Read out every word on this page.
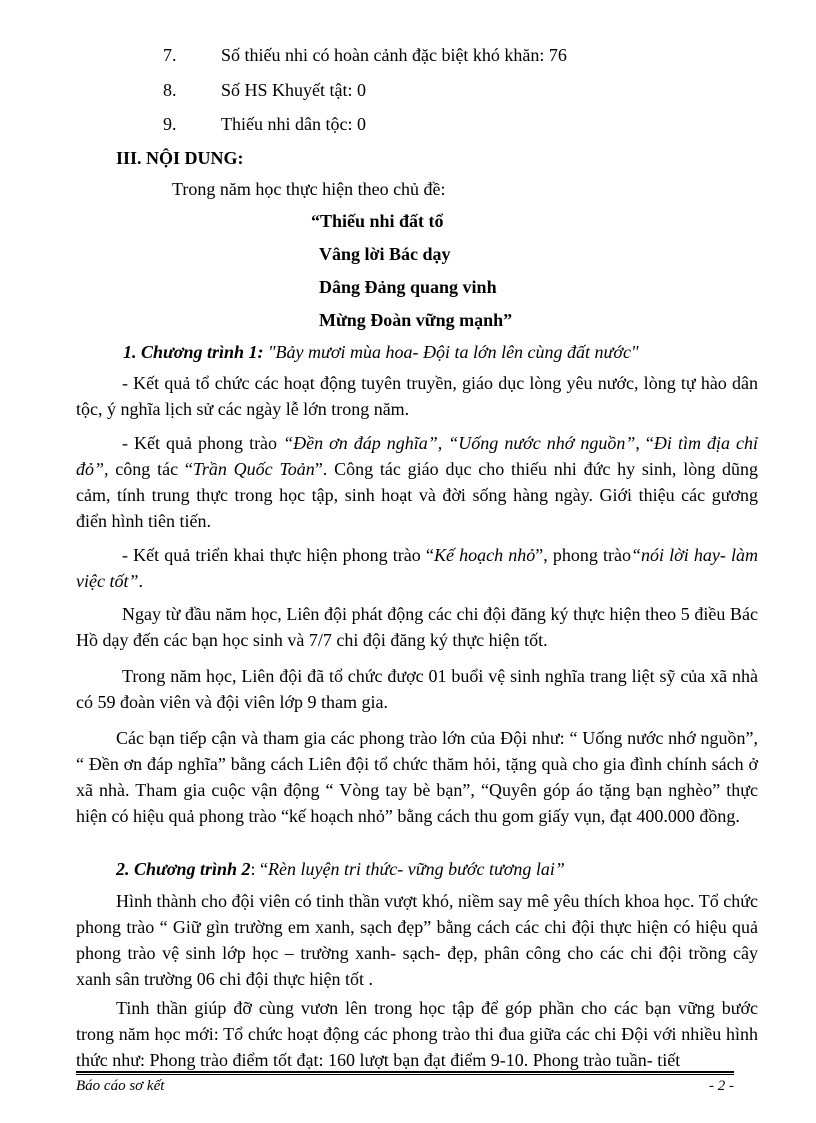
7. Số thiếu nhi có hoàn cảnh đặc biệt khó khăn: 76
8. Số HS Khuyết tật: 0
9. Thiếu nhi dân tộc: 0
III. NỘI DUNG:
Trong năm học thực hiện theo chủ đề:
“Thiếu nhi đất tổ
Vâng lời Bác dạy
Dâng Đảng quang vinh
Mừng Đoàn vững mạnh”
1. Chương trình 1: "Bảy mươi mùa hoa- Đội ta lớn lên cùng đất nước"
- Kết quả tổ chức các hoạt động tuyên truyền, giáo dục lòng yêu nước, lòng tự hào dân tộc, ý nghĩa lịch sử các ngày lễ lớn trong năm.
- Kết quả phong trào “Đền ơn đáp nghĩa”, “Uống nước nhớ nguồn”, “Đi tìm địa chỉ đỏ”, công tác “Trần Quốc Toản”. Công tác giáo dục cho thiếu nhi đức hy sinh, lòng dũng cảm, tính trung thực trong học tập, sinh hoạt và đời sống hàng ngày. Giới thiệu các gương điển hình tiên tiến.
- Kết quả triển khai thực hiện phong trào “Kế hoạch nhỏ”, phong trào“nói lời hay- làm việc tốt”.
Ngay từ đầu năm học, Liên đội phát động các chi đội đăng ký thực hiện theo 5 điều Bác Hồ dạy đến các bạn học sinh và 7/7 chi đội đăng ký thực hiện tốt.
Trong năm học, Liên đội đã tổ chức được 01 buổi vệ sinh nghĩa trang liệt sỹ của xã nhà có 59 đoàn viên và đội viên lớp 9 tham gia.
Các bạn tiếp cận và tham gia các phong trào lớn của Đội như: “ Uống nước nhớ nguồn”, “ Đền ơn đáp nghĩa” bằng cách Liên đội tổ chức thăm hỏi, tặng quà cho gia đình chính sách ở xã nhà. Tham gia cuộc vận động “ Vòng tay bè bạn”, “Quyên góp áo tặng bạn nghèo” thực hiện có hiệu quả phong trào “kế hoạch nhỏ” bằng cách thu gom giấy vụn, đạt 400.000 đồng.
2. Chương trình 2: “Rèn luyện tri thức- vững bước tương lai”
Hình thành cho đội viên có tinh thần vượt khó, niềm say mê yêu thích khoa học. Tổ chức phong trào “ Giữ gìn trường em xanh, sạch đẹp” bằng cách các chi đội thực hiện có hiệu quả phong trào vệ sinh lớp học – trường xanh- sạch- đẹp, phân công cho các chi đội trồng cây xanh sân trường 06 chi đội thực hiện tốt .
Tinh thần giúp đỡ cùng vươn lên trong học tập để góp phần cho các bạn vững bước trong năm học mới: Tổ chức hoạt động các phong trào thi đua giữa các chi Đội với nhiều hình thức như: Phong trào điểm tốt đạt: 160 lượt bạn đạt điểm 9-10. Phong trào tuần- tiết
Báo cáo sơ kết	- 2 -
